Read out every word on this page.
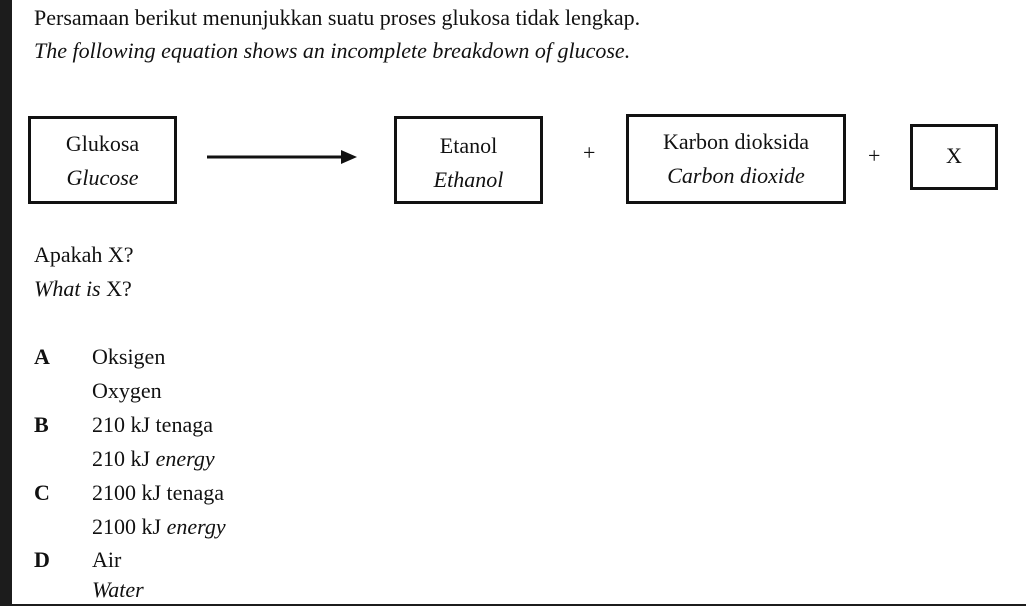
Persamaan berikut menunjukkan suatu proses glukosa tidak lengkap.
The following equation shows an incomplete breakdown of glucose.
Glukosa
Glucose
Etanol
Ethanol
+	Karbon dioksida
Carbon dioxide
+	X
Apakah X?
What is X?
A Oksigen
Oxygen
B 210 kJ tenaga
210 kJ energy
C 2100 kJ tenaga
2100 kJ energy
D Air
Water
